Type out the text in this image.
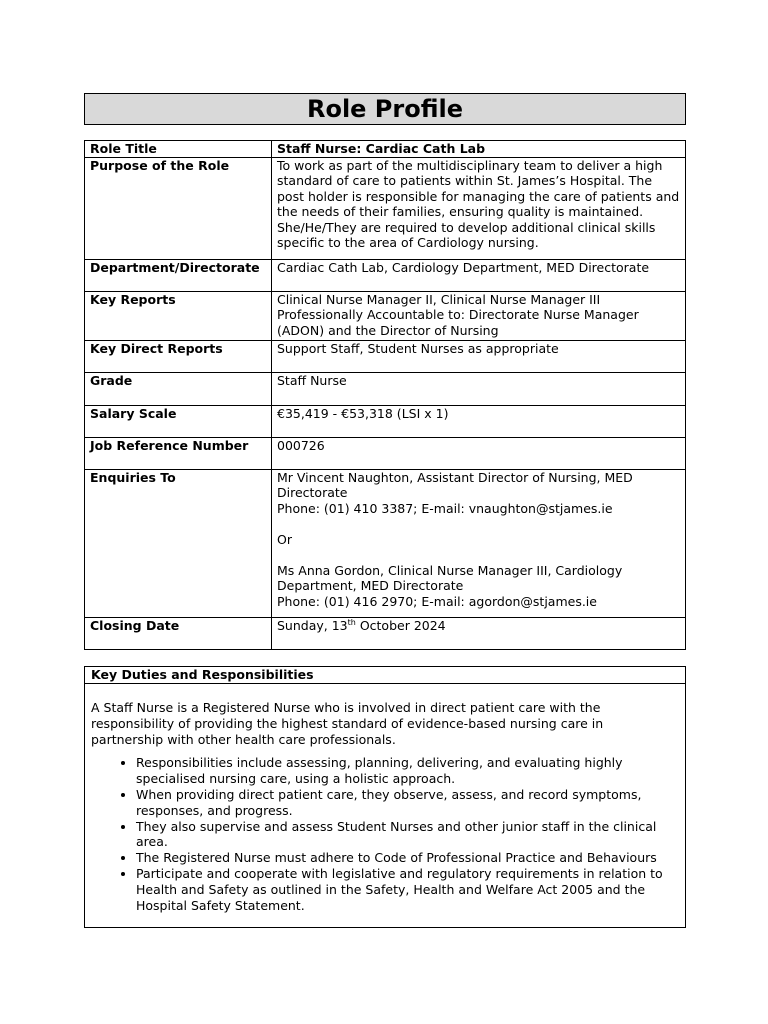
Role Profile
Role Title	Staff Nurse: Cardiac Cath Lab
Purpose of the Role	To work as part of the multidisciplinary team to deliver a high standard of care to patients within St. James’s Hospital. The post holder is responsible for managing the care of patients and the needs of their families, ensuring quality is maintained. She/He/They are required to develop additional clinical skills specific to the area of Cardiology nursing.
Department/Directorate	Cardiac Cath Lab, Cardiology Department, MED Directorate
Key Reports	Clinical Nurse Manager II, Clinical Nurse Manager III
Professionally Accountable to: Directorate Nurse Manager (ADON) and the Director of Nursing
Key Direct Reports	Support Staff, Student Nurses as appropriate
Grade	Staff Nurse
Salary Scale	€35,419 - €53,318 (LSI x 1)
Job Reference Number	000726
Enquiries To	Mr Vincent Naughton, Assistant Director of Nursing, MED Directorate
Phone: (01) 410 3387; E-mail: vnaughton@stjames.ie

Or

Ms Anna Gordon, Clinical Nurse Manager III, Cardiology Department, MED Directorate
Phone: (01) 416 2970; E-mail: agordon@stjames.ie
Closing Date	Sunday, 13th October 2024
Key Duties and Responsibilities
A Staff Nurse is a Registered Nurse who is involved in direct patient care with the responsibility of providing the highest standard of evidence-based nursing care in partnership with other health care professionals.
• Responsibilities include assessing, planning, delivering, and evaluating highly specialised nursing care, using a holistic approach.
• When providing direct patient care, they observe, assess, and record symptoms, responses, and progress.
• They also supervise and assess Student Nurses and other junior staff in the clinical area.
• The Registered Nurse must adhere to Code of Professional Practice and Behaviours
• Participate and cooperate with legislative and regulatory requirements in relation to Health and Safety as outlined in the Safety, Health and Welfare Act 2005 and the Hospital Safety Statement.
